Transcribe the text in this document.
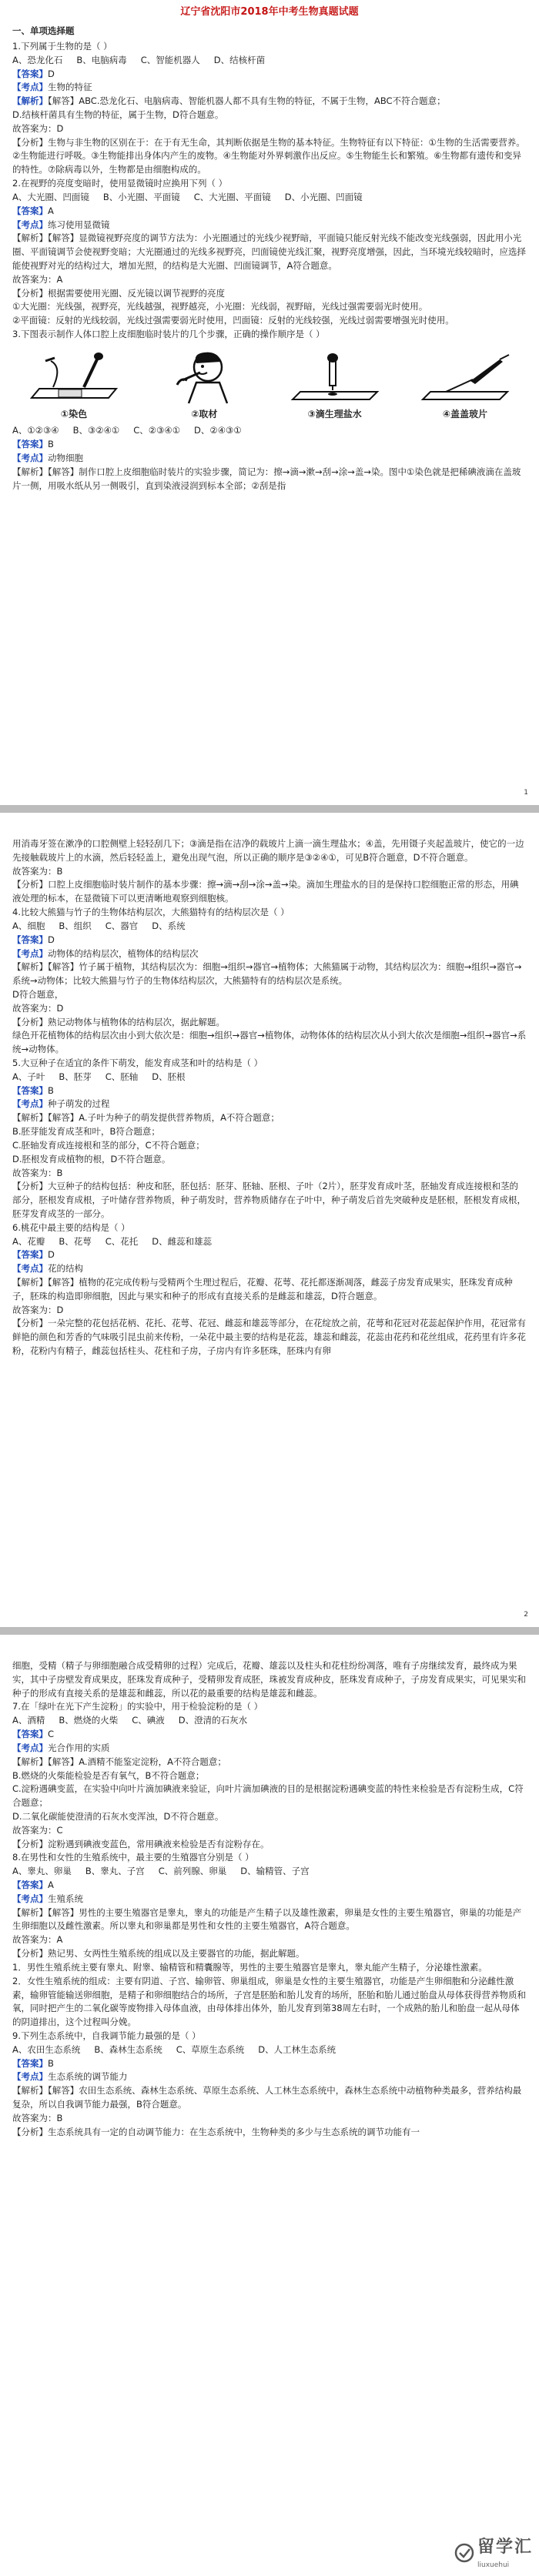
辽宁省沈阳市2018年中考生物真题试题
一、单项选择题

1.下列属于生物的是（ ）

A、恐龙化石 B、电脑病毒 C、智能机器人 D、结核杆菌

【答案】D

【考点】生物的特征

【解析】【解答】ABC.恐龙化石、电脑病毒、智能机器人都不具有生物的特征，不属于生物，ABC不符合题意；

D.结核杆菌具有生物的特征，属于生物，D符合题意。

故答案为：D

【分析】生物与非生物的区别在于：在于有无生命，其判断依据是生物的基本特征。生物特征有以下特征：①生物的生活需要营养。②生物能进行呼吸。③生物能排出身体内产生的废物。④生物能对外界刺激作出反应。⑤生物能生长和繁殖。⑥生物都有遗传和变异的特性。⑦除病毒以外，生物都是由细胞构成的。

2.在视野的亮度变暗时，使用显微镜时应换用下列（ ）

A、大光圈、凹面镜 B、小光圈、平面镜 C、大光圈、平面镜 D、小光圈、凹面镜

【答案】A

【考点】练习使用显微镜

【解析】【解答】显微镜视野亮度的调节方法为：小光圈通过的光线少视野暗，平面镜只能反射光线不能改变光线强弱，因此用小光圈、平面镜调节会使视野变暗；大光圈通过的光线多视野亮，凹面镜使光线汇聚，视野亮度增强，因此，当环境光线较暗时，应选择能使视野对光的结构过大，增加光照，的结构是大光圈、凹面镜调节，A符合题意。

故答案为：A

【分析】根据需要使用光圈、反光镜以调节视野的亮度

①大光圈：光线强，视野亮，光线越强，视野越亮，小光圈：光线弱，视野暗，光线过强需要弱光时使用。

②平面镜：反射的光线较弱，光线过强需要弱光时使用，凹面镜：反射的光线较强，光线过弱需要增强光时使用。

3.下图表示制作人体口腔上皮细胞临时装片的几个步骤，正确的操作顺序是（ ）

①染色	②取材	③滴生理盐水	④盖盖玻片
A、①②③④ B、③②④① C、②③④① D、②④③①

【答案】B

【考点】动物细胞

【解析】【解答】制作口腔上皮细胞临时装片的实验步骤，简记为：擦→滴→漱→刮→涂→盖→染。图中①染色就是把稀碘液滴在盖玻片一侧，用吸水纸从另一侧吸引，直到染液浸润到标本全部；②刮是指

1

用消毒牙签在漱净的口腔侧壁上轻轻刮几下；③滴是指在洁净的载玻片上滴一滴生理盐水；④盖，先用镊子夹起盖玻片，使它的一边先接触载玻片上的水滴，然后轻轻盖上，避免出现气泡，所以正确的顺序是③②④①，可见B符合题意，D不符合题意。

故答案为：B

【分析】口腔上皮细胞临时装片制作的基本步骤：擦→滴→刮→涂→盖→染。滴加生理盐水的目的是保持口腔细胞正常的形态，用碘液处理的标本，在显微镜下可以更清晰地观察到细胞核。

4.比较大熊猫与竹子的生物体结构层次，大熊猫特有的结构层次是（ ）

A、细胞 B、组织 C、器官 D、系统

【答案】D

【考点】动物体的结构层次，植物体的结构层次

【解析】【解答】竹子属于植物，其结构层次为：细胞→组织→器官→植物体；大熊猫属于动物，其结构层次为：细胞→组织→器官→系统→动物体；比较大熊猫与竹子的生物体结构层次，大熊猫特有的结构层次是系统。

D符合题意，

故答案为：D

【分析】熟记动物体与植物体的结构层次，据此解题。

绿色开花植物体的结构层次由小到大依次是：细胞→组织→器官→植物体，动物体体的结构层次从小到大依次是细胞→组织→器官→系统→动物体。

5.大豆种子在适宜的条件下萌发，能发育成茎和叶的结构是（ ）

A、子叶 B、胚芽 C、胚轴 D、胚根

【答案】B

【考点】种子萌发的过程

【解析】【解答】A.子叶为种子的萌发提供营养物质，A不符合题意；

B.胚芽能发育成茎和叶，B符合题意；

C.胚轴发育成连接根和茎的部分，C不符合题意；

D.胚根发育成植物的根，D不符合题意。

故答案为：B

【分析】大豆种子的结构包括：种皮和胚，胚包括：胚芽、胚轴、胚根、子叶（2片），胚芽发育成叶茎，胚轴发育成连接根和茎的部分，胚根发育成根，子叶储存营养物质，种子萌发时，营养物质储存在子叶中，种子萌发后首先突破种皮是胚根，胚根发育成根，胚芽发育成茎的一部分。

6.桃花中最主要的结构是（ ）

A、花瓣 B、花萼 C、花托 D、雌蕊和雄蕊

【答案】D

【考点】花的结构

【解析】【解答】植物的花完成传粉与受精两个生理过程后，花瓣、花萼、花托都逐渐凋落，雌蕊子房发育成果实，胚珠发育成种子，胚珠的构造即卵细胞，因此与果实和种子的形成有直接关系的是雌蕊和雄蕊，D符合题意。

故答案为：D

【分析】一朵完整的花包括花柄、花托、花萼、花冠、雌蕊和雄蕊等部分，在花绽放之前，花萼和花冠对花蕊起保护作用，花冠常有鲜艳的颜色和芳香的气味吸引昆虫前来传粉，一朵花中最主要的结构是花蕊，雄蕊和雌蕊，花蕊由花药和花丝组成，花药里有许多花粉，花粉内有精子，雌蕊包括柱头、花柱和子房，子房内有许多胚珠，胚珠内有卵

2

细胞，受精（精子与卵细胞融合成受精卵的过程）完成后，花瓣、雄蕊以及柱头和花柱纷纷凋落，唯有子房继续发育，最终成为果实，其中子房壁发育成果皮，胚珠发育成种子，受精卵发育成胚，珠被发育成种皮，胚珠发育成种子，子房发育成果实，可见果实和种子的形成有直接关系的是雄蕊和雌蕊，所以花的最重要的结构是雄蕊和雌蕊。

7.在「绿叶在光下产生淀粉」的实验中，用于检验淀粉的是（ ）

A、酒精 B、燃烧的火柴 C、碘液 D、澄清的石灰水

【答案】C

【考点】光合作用的实质

【解析】【解答】A.酒精不能鉴定淀粉，A不符合题意；

B.燃烧的火柴能检验是否有氧气，B不符合题意；

C.淀粉遇碘变蓝，在实验中向叶片滴加碘液来验证，向叶片滴加碘液的目的是根据淀粉遇碘变蓝的特性来检验是否有淀粉生成，C符合题意；

D.二氧化碳能使澄清的石灰水变浑浊，D不符合题意。

故答案为：C

【分析】淀粉遇到碘液变蓝色，常用碘液来检验是否有淀粉存在。

8.在男性和女性的生殖系统中，最主要的生殖器官分别是（ ）

A、睾丸、卵巢 B、睾丸、子宫 C、前列腺、卵巢 D、输精管、子宫

【答案】A

【考点】生殖系统

【解析】【解答】男性的主要生殖器官是睾丸，睾丸的功能是产生精子以及雄性激素，卵巢是女性的主要生殖器官，卵巢的功能是产生卵细胞以及雌性激素。所以睾丸和卵巢都是男性和女性的主要生殖器官，A符合题意。

故答案为：A

【分析】熟记男、女两性生殖系统的组成以及主要器官的功能，据此解题。

1．男性生殖系统主要有睾丸、附睾、输精管和精囊腺等，男性的主要生殖器官是睾丸，睾丸能产生精子，分泌雄性激素。

2．女性生殖系统的组成：主要有阴道、子宫、输卵管、卵巢组成，卵巢是女性的主要生殖器官，功能是产生卵细胞和分泌雌性激素，输卵管能输送卵细胞，是精子和卵细胞结合的场所，子宫是胚胎和胎儿发育的场所，胚胎和胎儿通过胎盘从母体获得营养物质和氧，同时把产生的二氧化碳等废物排入母体血液，由母体排出体外，胎儿发育到第38周左右时，一个成熟的胎儿和胎盘一起从母体的阴道排出，这个过程叫分娩。

9.下列生态系统中，自我调节能力最强的是（ ）

A、农田生态系统 B、森林生态系统 C、草原生态系统 D、人工林生态系统

【答案】B

【考点】生态系统的调节能力

【解析】【解答】农田生态系统、森林生态系统、草原生态系统、人工林生态系统中，森林生态系统中动植物种类最多，营养结构最复杂，所以自我调节能力最强，B符合题意。

故答案为：B

【分析】生态系统具有一定的自动调节能力：在生态系统中，生物种类的多少与生态系统的调节功能有一

留学汇
liuxuehui
